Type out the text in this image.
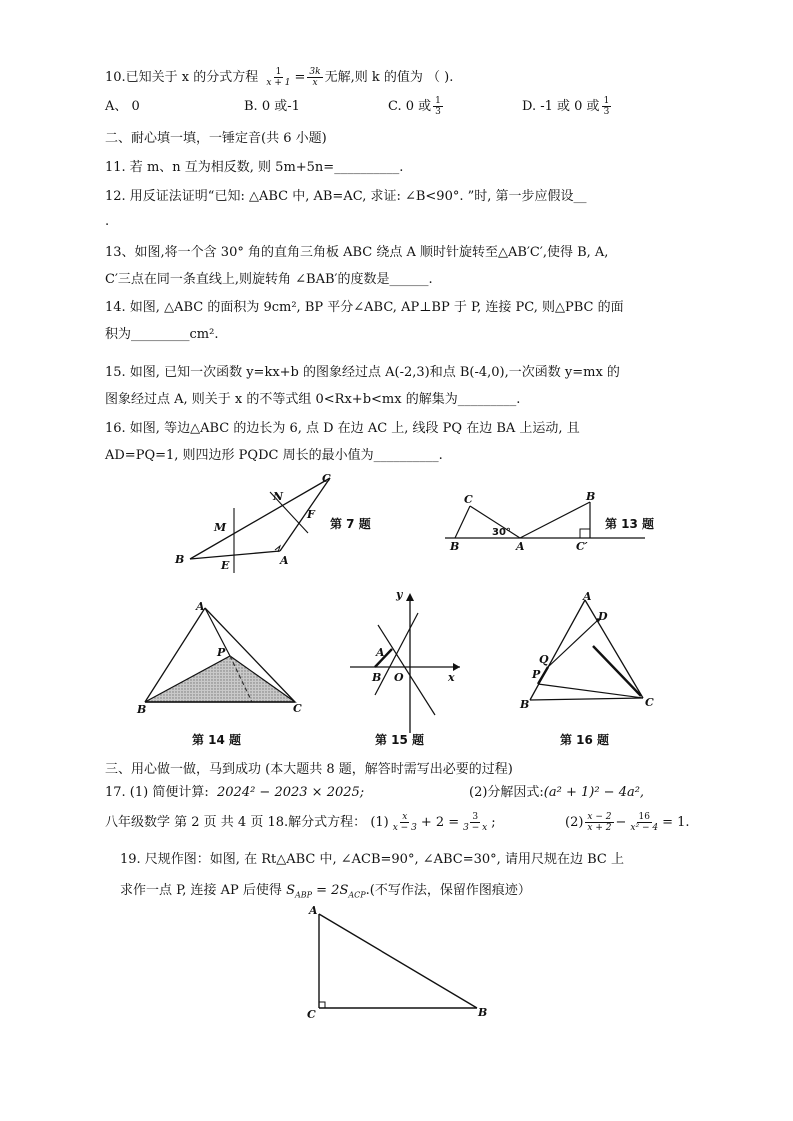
10.已知关于 x 的分式方程 $\frac{1}{x + 1} = \frac{3k}{x}$ 无解,则 k 的值为 （ ).
A、 0	B. 0 或-1	C. 0 或 $\frac{1}{3}$	D. -1 或 0 或 $\frac{1}{3}$
二、耐心填一填，一锤定音(共 6 小题)
11. 若 m、n 互为相反数, 则 5m+5n=__________.
12. 用反证法证明“已知: △ABC 中, AB=AC, 求证: ∠B<90°. ”时, 第一步应假设__
.
13、如图,将一个含 30° 角的直角三角板 ABC 绕点 A 顺时针旋转至△AB′C′,使得 B, A,
C′三点在同一条直线上,则旋转角 ∠BAB′的度数是______.
14. 如图, △ABC 的面积为 9cm², BP 平分∠ABC, AP⊥BP 于 P, 连接 PC, 则△PBC 的面
积为_________cm².
15. 如图, 已知一次函数 y=kx+b 的图象经过点 A(-2,3)和点 B(-4,0),一次函数 y=mx 的
图象经过点 A, 则关于 x 的不等式组 0<Rx+b<mx 的解集为_________.
16. 如图, 等边△ABC 的边长为 6, 点 D 在边 AC 上, 线段 PQ 在边 BA 上运动, 且
AD=PQ=1, 则四边形 PQDC 周长的最小值为__________.
N
C
M
F
B	E	A
第 7 题
C	B
30°
B	A	C′
第 13 题
A
P
B	C
第 14 题
y
A
B O	x
第 15 题
A
D
Q
P
B	C
第 16 题
三、用心做一做，马到成功 (本大题共 8 题，解答时需写出必要的过程)
17. (1) 简便计算: 2024² − 2023 × 2025;	(2)分解因式:(a² + 1)² − 4a²,
八年级数学 第 2 页 共 4 页 18.解分式方程： $(1) \frac{x}{x - 3} + 2 = \frac{3}{3 - x}$ ;	$(2) \frac{x - 2}{x + 2} - \frac{16}{\text{x² − 4}} = 1$.
19. 尺规作图：如图, 在 Rt△ABC 中, ∠ACB=90°, ∠ABC=30°, 请用尺规在边 BC 上
求作一点 P, 连接 AP 后使得 $S_{ABP} = 2S_{ACP}$.(不写作法，保留作图痕迹）
A
C	B
